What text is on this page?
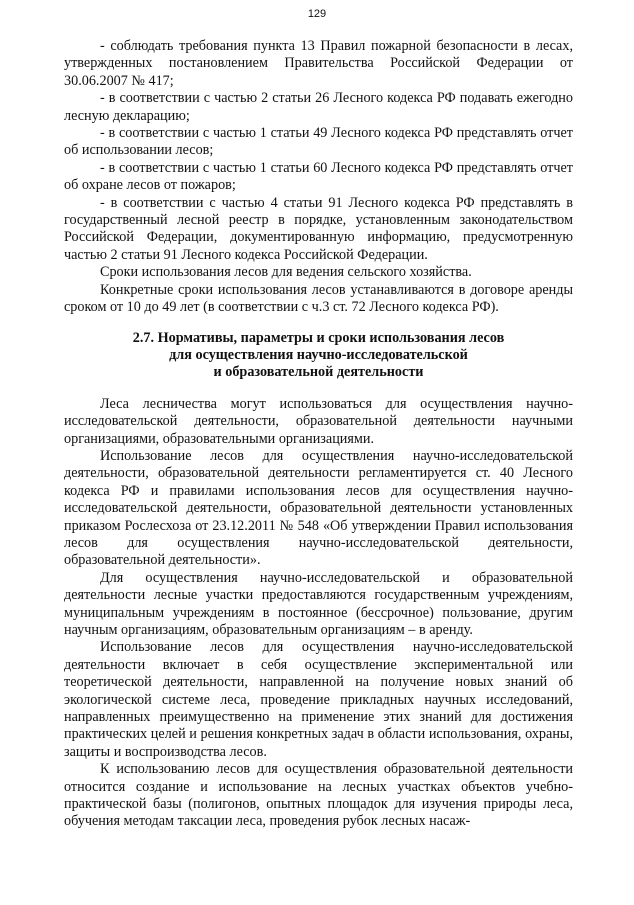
129

- соблюдать требования пункта 13 Правил пожарной безопасности в лесах, утвержденных постановлением Правительства Российской Федерации от 30.06.2007 № 417;

- в соответствии с частью 2 статьи 26 Лесного кодекса РФ подавать ежегодно лесную декларацию;

- в соответствии с частью 1 статьи 49 Лесного кодекса РФ представлять отчет об использовании лесов;

- в соответствии с частью 1 статьи 60 Лесного кодекса РФ представлять отчет об охране лесов от пожаров;

- в соответствии с частью 4 статьи 91 Лесного кодекса РФ представлять в государственный лесной реестр в порядке, установленным законодательством Российской Федерации, документированную информацию, предусмотренную частью 2 статьи 91 Лесного кодекса Российской Федерации.

Сроки использования лесов для ведения сельского хозяйства.

Конкретные сроки использования лесов устанавливаются в договоре аренды сроком от 10 до 49 лет (в соответствии с ч.3 ст. 72 Лесного кодекса РФ).

2.7. Нормативы, параметры и сроки использования лесов
для осуществления научно-исследовательской
и образовательной деятельности

Леса лесничества могут использоваться для осуществления научно-исследовательской деятельности, образовательной деятельности научными организациями, образовательными организациями.

Использование лесов для осуществления научно-исследовательской деятельности, образовательной деятельности регламентируется ст. 40 Лесного кодекса РФ и правилами использования лесов для осуществления научно-исследовательской деятельности, образовательной деятельности установленных приказом Рослесхоза от 23.12.2011 № 548 «Об утверждении Правил использования лесов для осуществления научно-исследовательской деятельности, образовательной деятельности».

Для осуществления научно-исследовательской и образовательной деятельности лесные участки предоставляются государственным учреждениям, муниципальным учреждениям в постоянное (бессрочное) пользование, другим научным организациям, образовательным организациям – в аренду.

Использование лесов для осуществления научно-исследовательской деятельности включает в себя осуществление экспериментальной или теоретической деятельности, направленной на получение новых знаний об экологической системе леса, проведение прикладных научных исследований, направленных преимущественно на применение этих знаний для достижения практических целей и решения конкретных задач в области использования, охраны, защиты и воспроизводства лесов.

К использованию лесов для осуществления образовательной деятельности относится создание и использование на лесных участках объектов учебно-практической базы (полигонов, опытных площадок для изучения природы леса, обучения методам таксации леса, проведения рубок лесных насаж-
